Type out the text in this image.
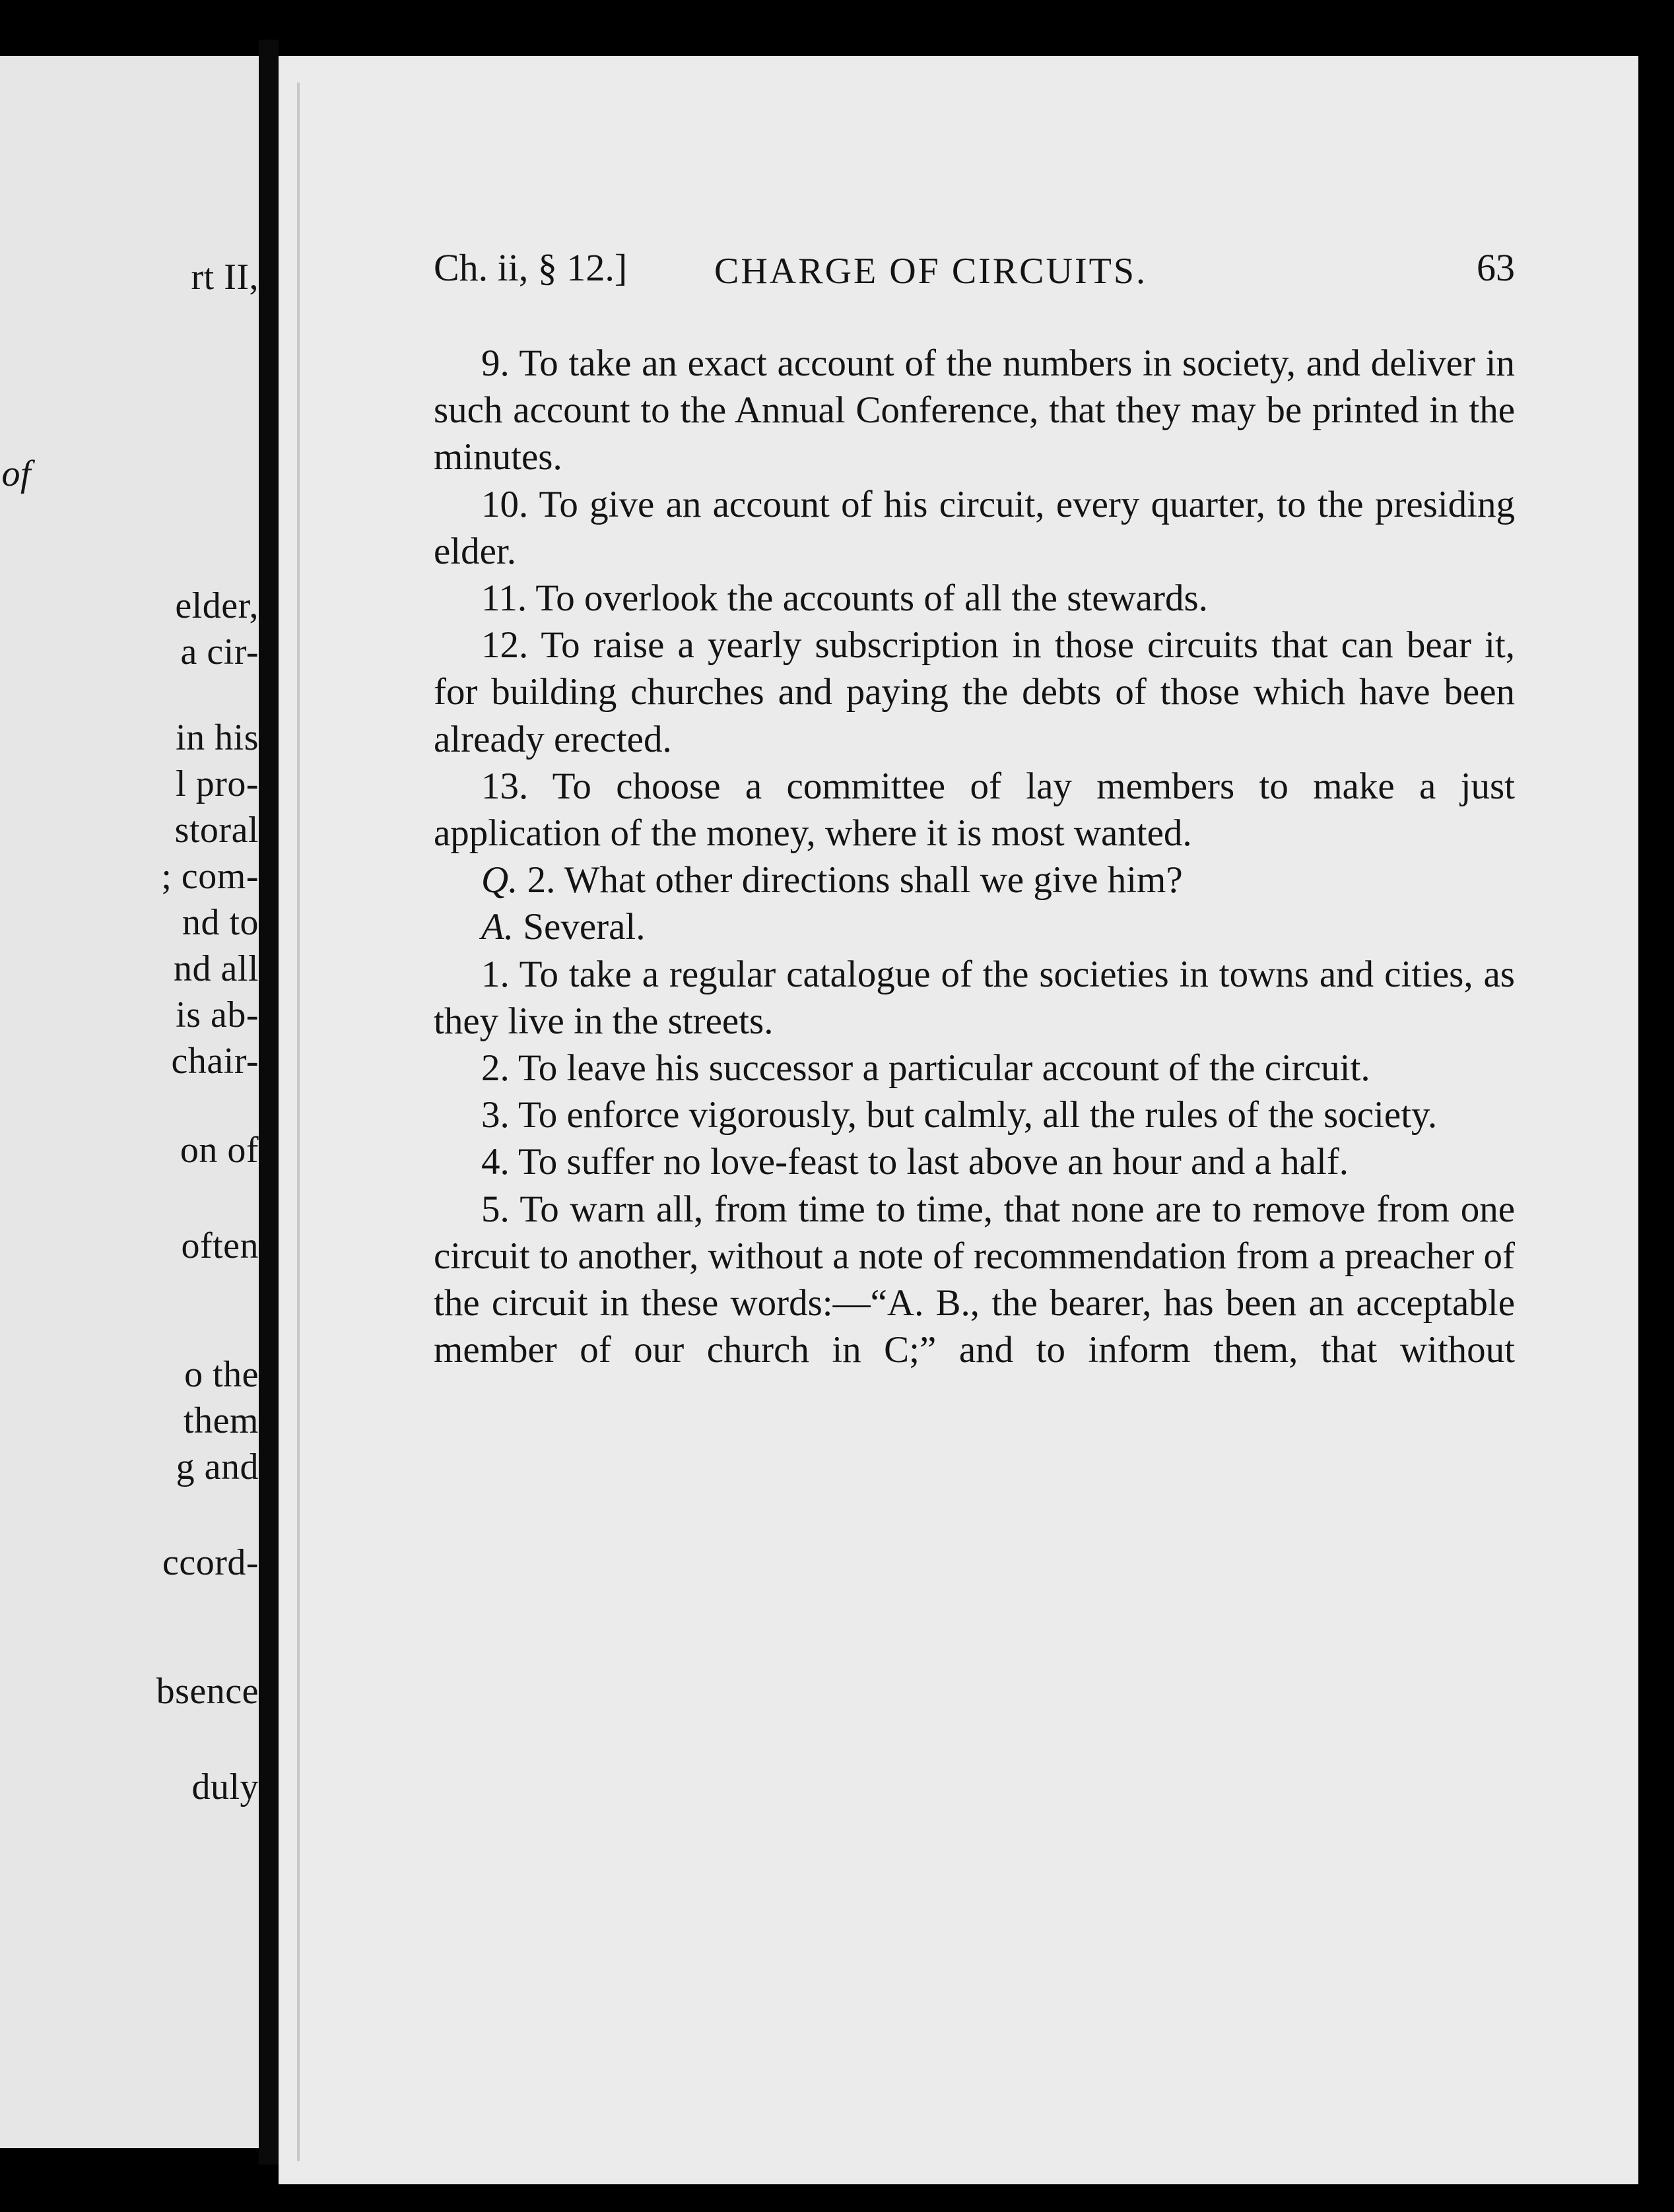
rt II,
of
elder,
a cir-
in his
l pro-
storal
; com-
nd to
nd all
is ab-
chair-
on of
often
o the
them
g and
ccord-
bsence
duly
Ch. ii, § 12.] CHARGE OF CIRCUITS.	63

9. To take an exact account of the numbers in society, and deliver in such account to the Annual Conference, that they may be printed in the minutes.

10. To give an account of his circuit, every quarter, to the presiding elder.

11. To overlook the accounts of all the stewards.

12. To raise a yearly subscription in those circuits that can bear it, for building churches and paying the debts of those which have been already erected.

13. To choose a committee of lay members to make a just application of the money, where it is most wanted.

Q. 2. What other directions shall we give him?

A. Several.

1. To take a regular catalogue of the societies in towns and cities, as they live in the streets.

2. To leave his successor a particular account of the circuit.

3. To enforce vigorously, but calmly, all the rules of the society.

4. To suffer no love-feast to last above an hour and a half.

5. To warn all, from time to time, that none are to remove from one circuit to another, without a note of recommendation from a preacher of the circuit in these words:—“A. B., the bearer, has been an acceptable member of our church in C;” and to inform them, that without
